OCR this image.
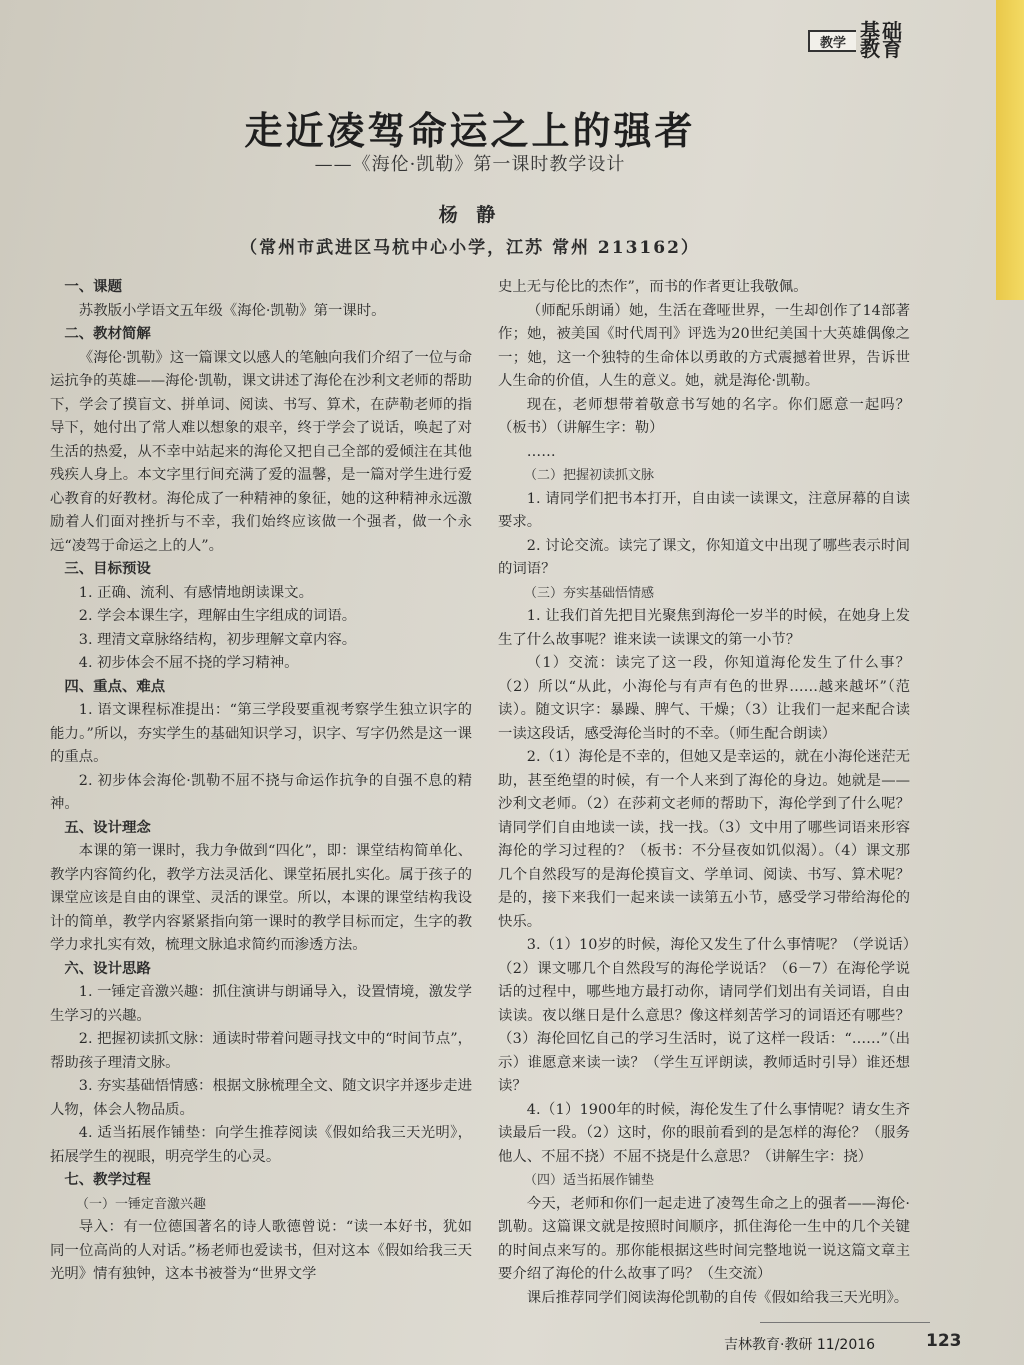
教学 基础
教育
走近凌驾命运之上的强者
——《海伦·凯勒》第一课时教学设计
杨 静
（常州市武进区马杭中心小学，江苏 常州 213162）

一、课题

苏教版小学语文五年级《海伦·凯勒》第一课时。

二、教材简解

《海伦·凯勒》这一篇课文以感人的笔触向我们介绍了一位与命运抗争的英雄——海伦·凯勒，课文讲述了海伦在沙利文老师的帮助下，学会了摸盲文、拼单词、阅读、书写、算术，在萨勒老师的指导下，她付出了常人难以想象的艰辛，终于学会了说话，唤起了对生活的热爱，从不幸中站起来的海伦又把自己全部的爱倾注在其他残疾人身上。本文字里行间充满了爱的温馨，是一篇对学生进行爱心教育的好教材。海伦成了一种精神的象征，她的这种精神永远激励着人们面对挫折与不幸，我们始终应该做一个强者，做一个永远“凌驾于命运之上的人”。

三、目标预设

1. 正确、流利、有感情地朗读课文。

2. 学会本课生字，理解由生字组成的词语。

3. 理清文章脉络结构，初步理解文章内容。

4. 初步体会不屈不挠的学习精神。

四、重点、难点

1. 语文课程标准提出：“第三学段要重视考察学生独立识字的能力。”所以，夯实学生的基础知识学习，识字、写字仍然是这一课的重点。

2. 初步体会海伦·凯勒不屈不挠与命运作抗争的自强不息的精神。

五、设计理念

本课的第一课时，我力争做到“四化”，即：课堂结构简单化、教学内容简约化，教学方法灵活化、课堂拓展扎实化。属于孩子的课堂应该是自由的课堂、灵活的课堂。所以，本课的课堂结构我设计的简单，教学内容紧紧指向第一课时的教学目标而定，生字的教学力求扎实有效，梳理文脉追求简约而渗透方法。

六、设计思路

1. 一锤定音激兴趣：抓住演讲与朗诵导入，设置情境，激发学生学习的兴趣。

2. 把握初读抓文脉：通读时带着问题寻找文中的“时间节点”，帮助孩子理清文脉。

3. 夯实基础悟情感：根据文脉梳理全文、随文识字并逐步走进人物，体会人物品质。

4. 适当拓展作铺垫：向学生推荐阅读《假如给我三天光明》，拓展学生的视眼，明亮学生的心灵。

七、教学过程

（一）一锤定音激兴趣

导入：有一位德国著名的诗人歌德曾说：“读一本好书，犹如同一位高尚的人对话。”杨老师也爱读书，但对这本《假如给我三天光明》情有独钟，这本书被誉为“世界文学

史上无与伦比的杰作”，而书的作者更让我敬佩。

（师配乐朗诵）她，生活在聋哑世界，一生却创作了14部著作；她，被美国《时代周刊》评选为20世纪美国十大英雄偶像之一；她，这一个独特的生命体以勇敢的方式震撼着世界，告诉世人生命的价值，人生的意义。她，就是海伦·凯勒。

现在，老师想带着敬意书写她的名字。你们愿意一起吗？（板书）（讲解生字：勒）

……

（二）把握初读抓文脉

1. 请同学们把书本打开，自由读一读课文，注意屏幕的自读要求。

2. 讨论交流。读完了课文，你知道文中出现了哪些表示时间的词语？

（三）夯实基础悟情感

1. 让我们首先把目光聚焦到海伦一岁半的时候，在她身上发生了什么故事呢？谁来读一读课文的第一小节？

（1）交流：读完了这一段，你知道海伦发生了什么事？（2）所以“从此，小海伦与有声有色的世界……越来越坏”（范读）。随文识字：暴躁、脾气、干燥；（3）让我们一起来配合读一读这段话，感受海伦当时的不幸。（师生配合朗读）

2.（1）海伦是不幸的，但她又是幸运的，就在小海伦迷茫无助，甚至绝望的时候，有一个人来到了海伦的身边。她就是——沙利文老师。（2）在莎莉文老师的帮助下，海伦学到了什么呢？请同学们自由地读一读，找一找。（3）文中用了哪些词语来形容海伦的学习过程的？（板书：不分昼夜如饥似渴）。（4）课文那几个自然段写的是海伦摸盲文、学单词、阅读、书写、算术呢？是的，接下来我们一起来读一读第五小节，感受学习带给海伦的快乐。

3.（1）10岁的时候，海伦又发生了什么事情呢？（学说话）（2）课文哪几个自然段写的海伦学说话？（6－7）在海伦学说话的过程中，哪些地方最打动你，请同学们划出有关词语，自由读读。夜以继日是什么意思？像这样刻苦学习的词语还有哪些？（3）海伦回忆自己的学习生活时，说了这样一段话：“……”（出示）谁愿意来读一读？（学生互评朗读，教师适时引导）谁还想读？

4.（1）1900年的时候，海伦发生了什么事情呢？请女生齐读最后一段。（2）这时，你的眼前看到的是怎样的海伦？（服务他人、不屈不挠）不屈不挠是什么意思？（讲解生字：挠）

（四）适当拓展作铺垫

今天，老师和你们一起走进了凌驾生命之上的强者——海伦·凯勒。这篇课文就是按照时间顺序，抓住海伦一生中的几个关键的时间点来写的。那你能根据这些时间完整地说一说这篇文章主要介绍了海伦的什么故事了吗？（生交流）

课后推荐同学们阅读海伦凯勒的自传《假如给我三天光明》。

吉林教育·教研 11/2016	123
